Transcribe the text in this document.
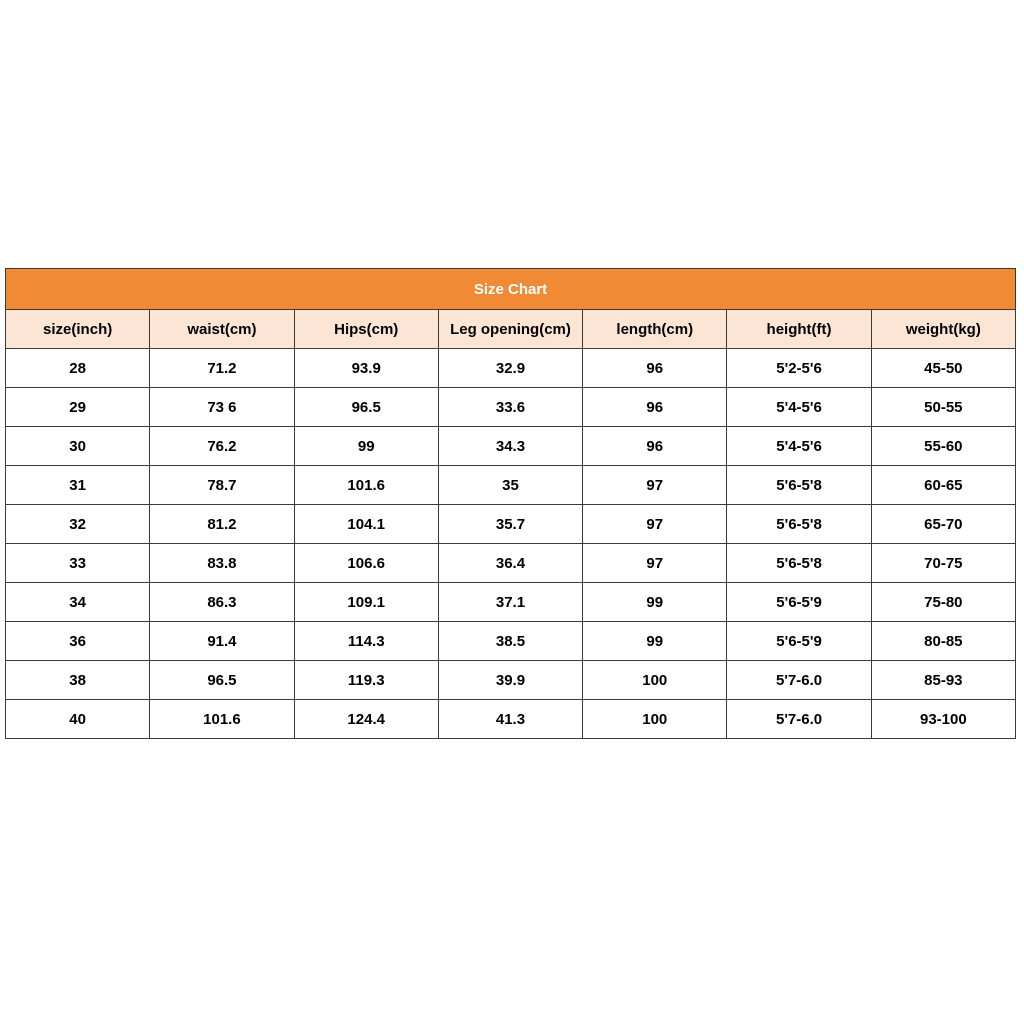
Size Chart						
size(inch)	waist(cm)	Hips(cm)	Leg opening(cm)	length(cm)	height(ft)	weight(kg)
28	71.2	93.9	32.9	96	5'2-5'6	45-50
29	73 6	96.5	33.6	96	5'4-5'6	50-55
30	76.2	99	34.3	96	5'4-5'6	55-60
31	78.7	101.6	35	97	5'6-5'8	60-65
32	81.2	104.1	35.7	97	5'6-5'8	65-70
33	83.8	106.6	36.4	97	5'6-5'8	70-75
34	86.3	109.1	37.1	99	5'6-5'9	75-80
36	91.4	114.3	38.5	99	5'6-5'9	80-85
38	96.5	119.3	39.9	100	5'7-6.0	85-93
40	101.6	124.4	41.3	100	5'7-6.0	93-100
